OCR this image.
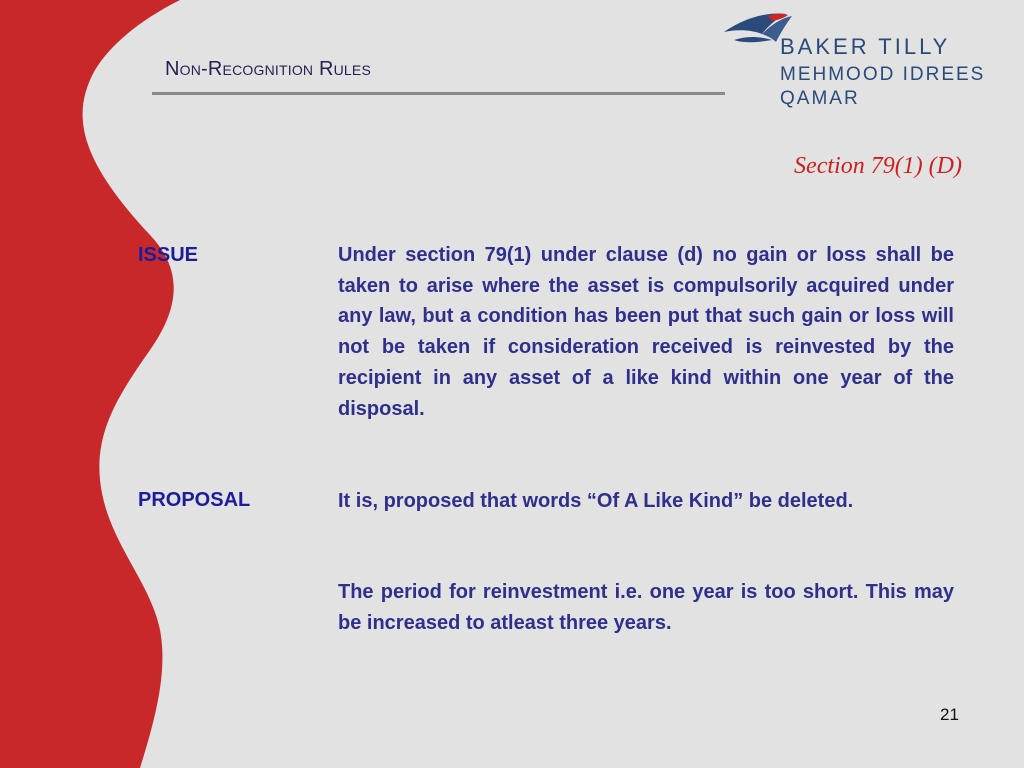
Non-Recognition Rules
BAKER TILLY
MEHMOOD IDREES
QAMAR
Section 79(1) (D)
ISSUE	Under section 79(1) under clause (d) no gain or loss shall be taken to arise where the asset is compulsorily acquired under any law, but a condition has been put that such gain or loss will not be taken if consideration received is reinvested by the recipient in any asset of a like kind within one year of the disposal.

PROPOSAL	It is, proposed that words “Of A Like Kind” be deleted.

The period for reinvestment i.e. one year is too short. This may be increased to atleast three years.

21
